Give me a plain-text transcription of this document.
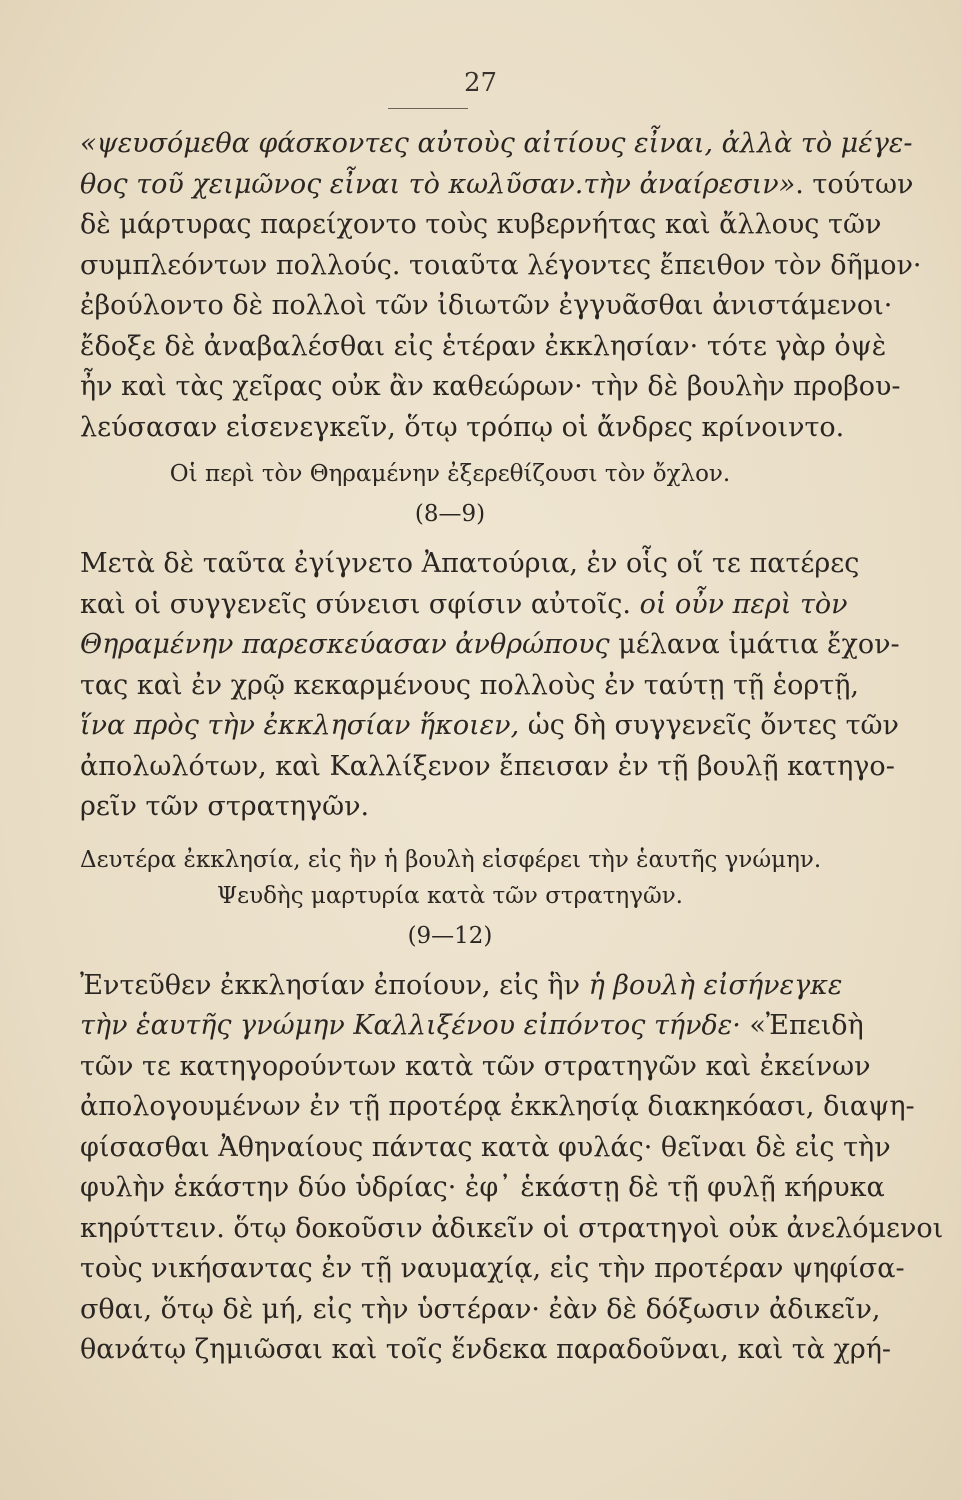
27
«ψευσόμεθα φάσκοντες αὐτοὺς αἰτίους εἶναι, ἀλλὰ τὸ μέγε-
θος τοῦ χειμῶνος εἶναι τὸ κωλῦσαν.τὴν ἀναίρεσιν». τούτων
δὲ μάρτυρας παρείχοντο τοὺς κυβερνήτας καὶ ἄλλους τῶν
συμπλεόντων πολλούς. τοιαῦτα λέγοντες ἔπειθον τὸν δῆμον·
ἐβούλοντο δὲ πολλοὶ τῶν ἰδιωτῶν ἐγγυᾶσθαι ἀνιστάμενοι·
ἔδοξε δὲ ἀναβαλέσθαι εἰς ἑτέραν ἐκκλησίαν· τότε γὰρ ὀψὲ
ἦν καὶ τὰς χεῖρας οὐκ ἂν καθεώρων· τὴν δὲ βουλὴν προβου-
λεύσασαν εἰσενεγκεῖν, ὅτῳ τρόπῳ οἱ ἄνδρες κρίνοιντο.
Οἱ περὶ τὸν Θηραμένην ἐξερεθίζουσι τὸν ὄχλον.
(8—9)
Μετὰ δὲ ταῦτα ἐγίγνετο Ἀπατούρια, ἐν οἷς οἵ τε πατέρες
καὶ οἱ συγγενεῖς σύνεισι σφίσιν αὐτοῖς. οἱ οὖν περὶ τὸν
Θηραμένην παρεσκεύασαν ἀνθρώπους μέλανα ἱμάτια ἔχον-
τας καὶ ἐν χρῷ κεκαρμένους πολλοὺς ἐν ταύτῃ τῇ ἑορτῇ,
ἵνα πρὸς τὴν ἐκκλησίαν ἥκοιεν, ὡς δὴ συγγενεῖς ὄντες τῶν
ἀπολωλότων, καὶ Καλλίξενον ἔπεισαν ἐν τῇ βουλῇ κατηγο-
ρεῖν τῶν στρατηγῶν.
Δευτέρα ἐκκλησία, εἰς ἣν ἡ βουλὴ εἰσφέρει τὴν ἑαυτῆς γνώμην.
Ψευδὴς μαρτυρία κατὰ τῶν στρατηγῶν.
(9—12)
Ἐντεῦθεν ἐκκλησίαν ἐποίουν, εἰς ἣν ἡ βουλὴ εἰσήνεγκε
τὴν ἑαυτῆς γνώμην Καλλιξένου εἰπόντος τήνδε· «Ἐπειδὴ
τῶν τε κατηγορούντων κατὰ τῶν στρατηγῶν καὶ ἐκείνων
ἀπολογουμένων ἐν τῇ προτέρᾳ ἐκκλησίᾳ διακηκόασι, διαψη-
φίσασθαι Ἀθηναίους πάντας κατὰ φυλάς· θεῖναι δὲ εἰς τὴν
φυλὴν ἑκάστην δύο ὑδρίας· ἐφ᾽ ἑκάστῃ δὲ τῇ φυλῇ κήρυκα
κηρύττειν. ὅτῳ δοκοῦσιν ἀδικεῖν οἱ στρατηγοὶ οὐκ ἀνελόμενοι
τοὺς νικήσαντας ἐν τῇ ναυμαχίᾳ, εἰς τὴν προτέραν ψηφίσα-
σθαι, ὅτῳ δὲ μή, εἰς τὴν ὑστέραν· ἐὰν δὲ δόξωσιν ἀδικεῖν,
θανάτῳ ζημιῶσαι καὶ τοῖς ἕνδεκα παραδοῦναι, καὶ τὰ χρή-
